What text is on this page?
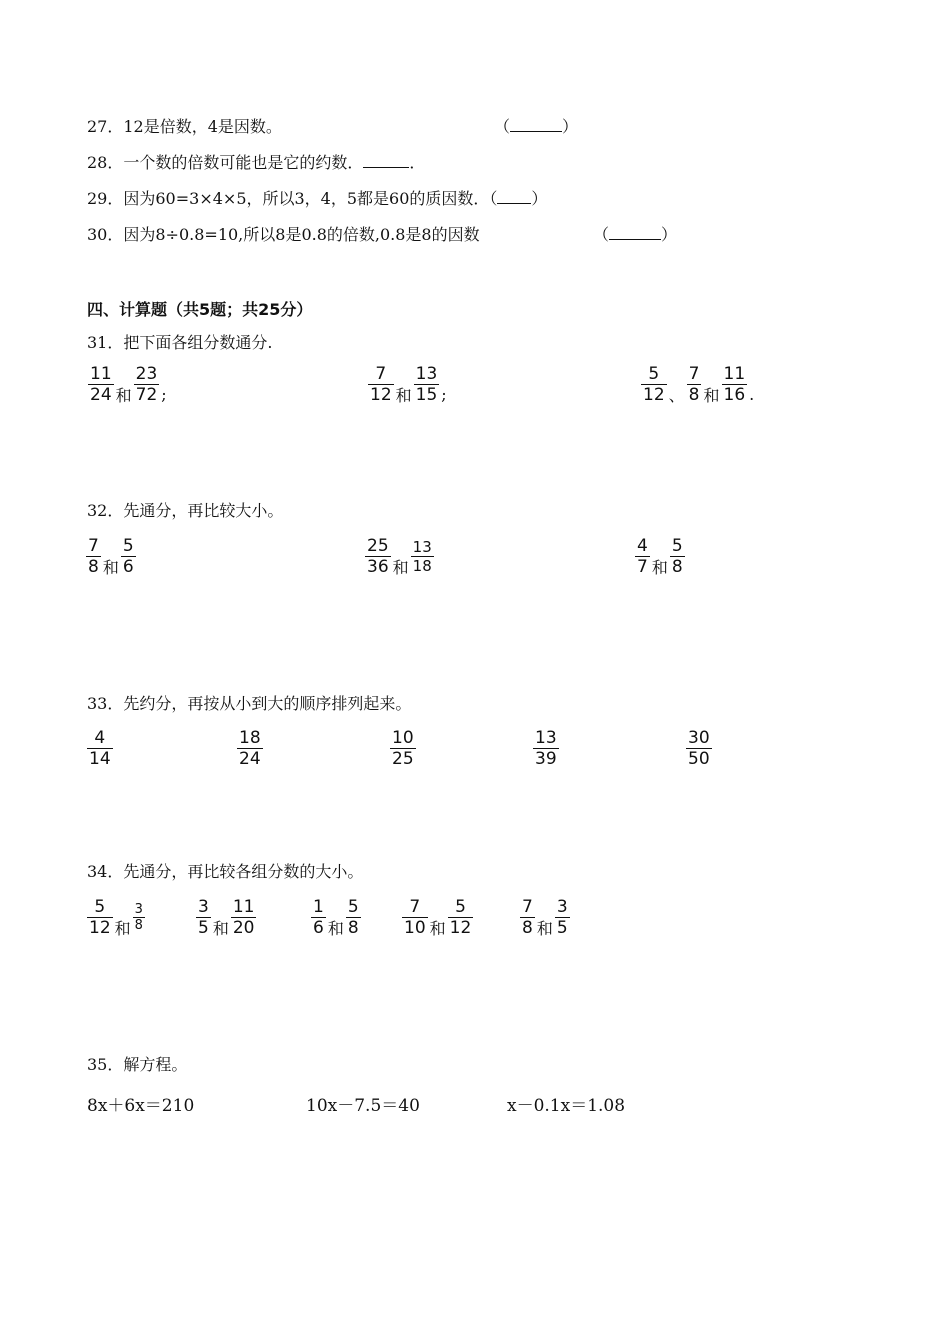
27．12是倍数，4是因数。	（	）
28．一个数的倍数可能也是它的约数．	．
29．因为60=3×4×5，所以3，4，5都是60的质因数．（ ）
30．因为8÷0.8=10,所以8是0.8的倍数,0.8是8的因数	（	）
四、计算题（共5题；共25分）
31．把下面各组分数通分.
$\frac{11}{24}$ 和 $\frac{23}{72}$ ;	$\frac{7}{12}$ 和 $\frac{13}{15}$ ;	$\frac{5}{12}$ 、 $\frac{7}{8}$ 和 $\frac{11}{16}$ .
32．先通分，再比较大小。
$\frac{7}{8}$ 和 $\frac{5}{6}$	$\frac{25}{36}$ 和 $\frac{13}{18}$	$\frac{4}{7}$ 和 $\frac{5}{8}$
33．先约分，再按从小到大的顺序排列起来。
$\frac{4}{14}$	$\frac{18}{24}$	$\frac{10}{25}$	$\frac{13}{39}$	$\frac{30}{50}$
34．先通分，再比较各组分数的大小。
$\frac{5}{12}$ 和 $\frac{3}{8}$	$\frac{3}{5}$ 和 $\frac{11}{20}$	$\frac{1}{6}$ 和 $\frac{5}{8} \frac{7}{10}$ 和 $\frac{5}{12}$	$\frac{7}{8}$ 和 $\frac{3}{5}$
35．解方程。
8x＋6x＝210	10x－7.5＝40	x－0.1x＝1.08
